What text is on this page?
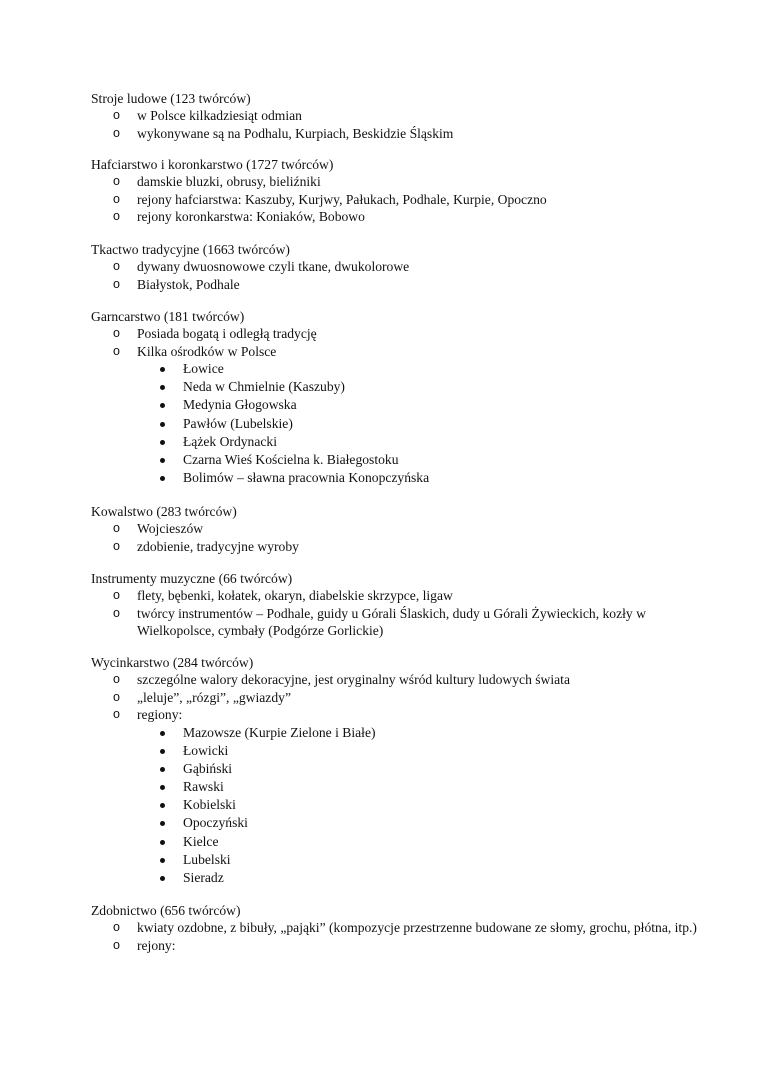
Stroje ludowe (123 twórców)
o w Polsce kilkadziesiąt odmian
o wykonywane są na Podhalu, Kurpiach, Beskidzie Śląskim
Hafciarstwo i koronkarstwo (1727 twórców)
o damskie bluzki, obrusy, bieliźniki
o rejony hafciarstwa: Kaszuby, Kurjwy, Pałukach, Podhale, Kurpie, Opoczno
o rejony koronkarstwa: Koniaków, Bobowo
Tkactwo tradycyjne (1663 twórców)
o dywany dwuosnowowe czyli tkane, dwukolorowe
o Białystok, Podhale
Garncarstwo (181 twórców)
o Posiada bogatą i odległą tradycję
o Kilka ośrodków w Polsce
Łowice
Neda w Chmielnie (Kaszuby)
Medynia Głogowska
Pawłów (Lubelskie)
Łążek Ordynacki
Czarna Wieś Kościelna k. Białegostoku
Bolimów – sławna pracownia Konopczyńska
Kowalstwo (283 twórców)
o Wojcieszów
o zdobienie, tradycyjne wyroby
Instrumenty muzyczne (66 twórców)
o flety, bębenki, kołatek, okaryn, diabelskie skrzypce, ligaw
o twórcy instrumentów – Podhale, guidy u Górali Ślaskich, dudy u Górali Żywieckich, kozły w Wielkopolsce, cymbały (Podgórze Gorlickie)
Wycinkarstwo (284 twórców)
o szczególne walory dekoracyjne, jest oryginalny wśród kultury ludowych świata
o „leluje”, „rózgi”, „gwiazdy”
o regiony:
Mazowsze (Kurpie Zielone i Białe)
Łowicki
Gąbiński
Rawski
Kobielski
Opoczyński
Kielce
Lubelski
Sieradz
Zdobnictwo (656 twórców)
o kwiaty ozdobne, z bibuły, „pająki” (kompozycje przestrzenne budowane ze słomy, grochu, płótna, itp.)
o rejony:
